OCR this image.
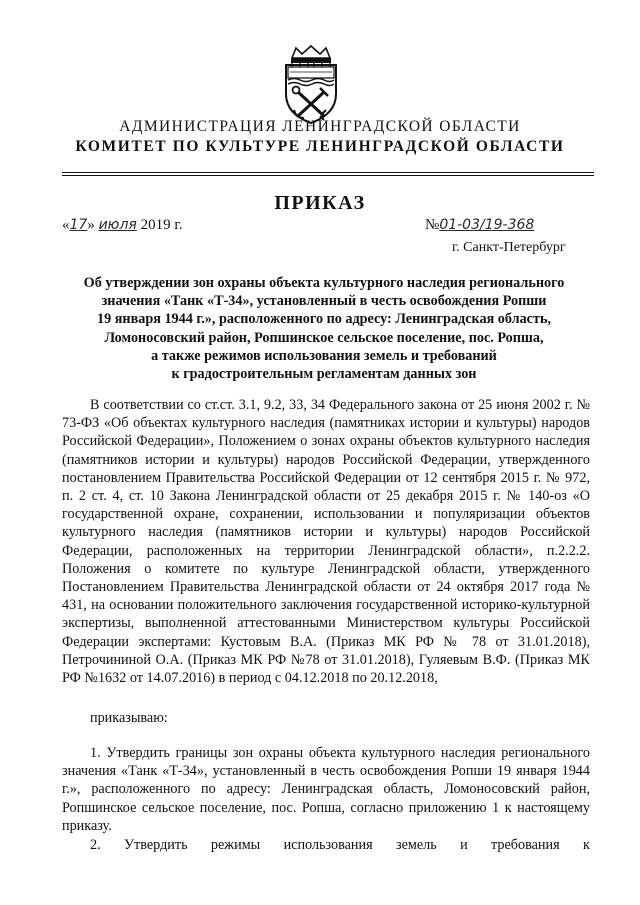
АДМИНИСТРАЦИЯ ЛЕНИНГРАДСКОЙ ОБЛАСТИ
КОМИТЕТ ПО КУЛЬТУРЕ ЛЕНИНГРАДСКОЙ ОБЛАСТИ
ПРИКАЗ
«17» июля 2019 г.	№01-03/19-368
г. Санкт-Петербург
Об утверждении зон охраны объекта культурного наследия регионального
значения «Танк «Т-34», установленный в честь освобождения Ропши
19 января 1944 г.», расположенного по адресу: Ленинградская область,
Ломоносовский район, Ропшинское сельское поселение, пос. Ропша,
а также режимов использования земель и требований
к градостроительным регламентам данных зон

В соответствии со ст.ст. 3.1, 9.2, 33, 34 Федерального закона от 25 июня 2002 г. № 73-ФЗ «Об объектах культурного наследия (памятниках истории и культуры) народов Российской Федерации», Положением о зонах охраны объектов культурного наследия (памятников истории и культуры) народов Российской Федерации, утвержденного постановлением Правительства Российской Федерации от 12 сентября 2015 г. № 972, п. 2 ст. 4, ст. 10 Закона Ленинградской области от 25 декабря 2015 г. № 140-оз «О государственной охране, сохранении, использовании и популяризации объектов культурного наследия (памятников истории и культуры) народов Российской Федерации, расположенных на территории Ленинградской области», п.2.2.2. Положения о комитете по культуре Ленинградской области, утвержденного Постановлением Правительства Ленинградской области от 24 октября 2017 года № 431, на основании положительного заключения государственной историко-культурной экспертизы, выполненной аттестованными Министерством культуры Российской Федерации экспертами: Кустовым В.А. (Приказ МК РФ № 78 от 31.01.2018), Петрочининой О.А. (Приказ МК РФ №78 от 31.01.2018), Гуляевым В.Ф. (Приказ МК РФ №1632 от 14.07.2016) в период с 04.12.2018 по 20.12.2018,

приказываю:
1. Утвердить границы зон охраны объекта культурного наследия регионального значения «Танк «Т-34», установленный в честь освобождения Ропши 19 января 1944 г.», расположенного по адресу: Ленинградская область, Ломоносовский район, Ропшинское сельское поселение, пос. Ропша, согласно приложению 1 к настоящему приказу.
2. Утвердить режимы использования земель и требования к
